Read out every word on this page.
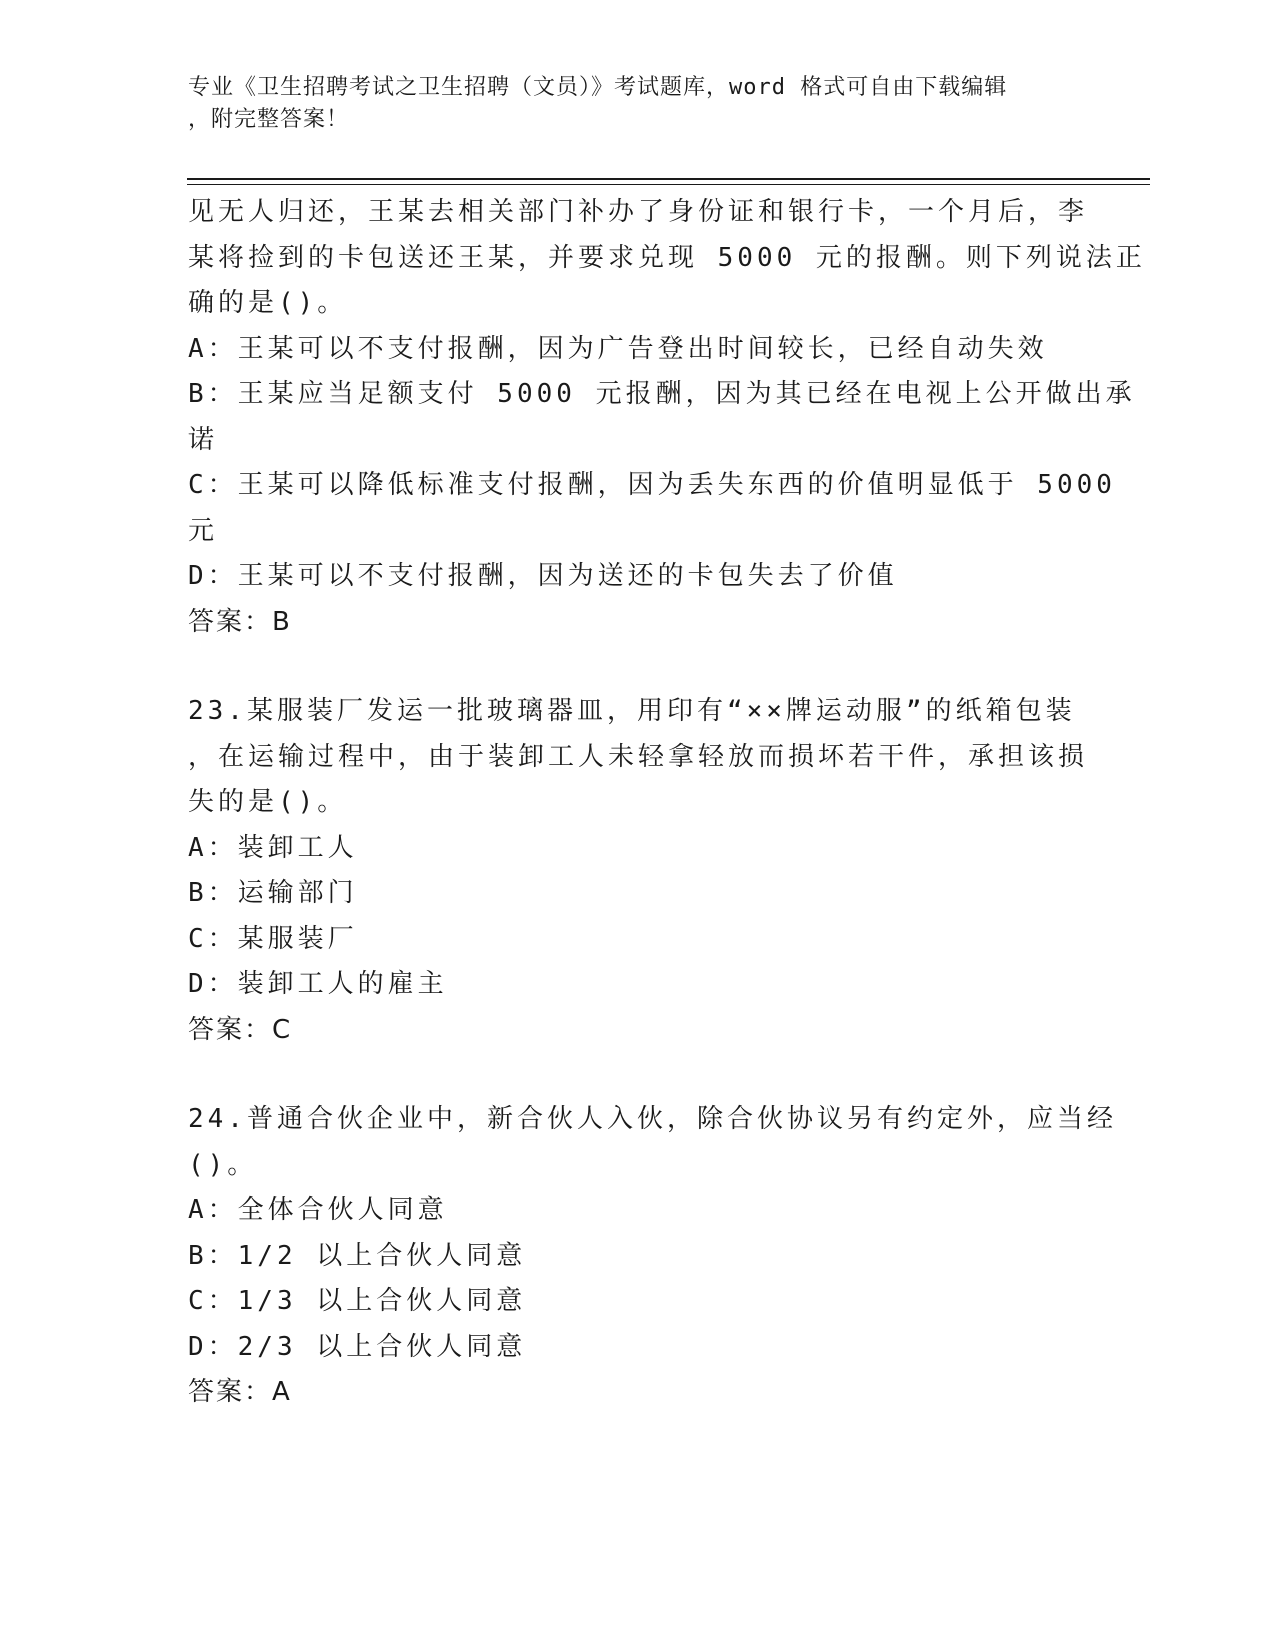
专业《卫生招聘考试之卫生招聘（文员）》考试题库，word 格式可自由下载编辑
，附完整答案！
见无人归还，王某去相关部门补办了身份证和银行卡，一个月后，李
某将捡到的卡包送还王某，并要求兑现 5000 元的报酬。则下列说法正
确的是()。
A：王某可以不支付报酬，因为广告登出时间较长，已经自动失效
B：王某应当足额支付 5000 元报酬，因为其已经在电视上公开做出承
诺
C：王某可以降低标准支付报酬，因为丢失东西的价值明显低于 5000
元
D：王某可以不支付报酬，因为送还的卡包失去了价值
答案：B
23.某服装厂发运一批玻璃器皿，用印有“××牌运动服”的纸箱包装
，在运输过程中，由于装卸工人未轻拿轻放而损坏若干件，承担该损
失的是()。
A：装卸工人
B：运输部门
C：某服装厂
D：装卸工人的雇主
答案：C
24.普通合伙企业中，新合伙人入伙，除合伙协议另有约定外，应当经
()。
A：全体合伙人同意
B：1/2 以上合伙人同意
C：1/3 以上合伙人同意
D：2/3 以上合伙人同意
答案：A
